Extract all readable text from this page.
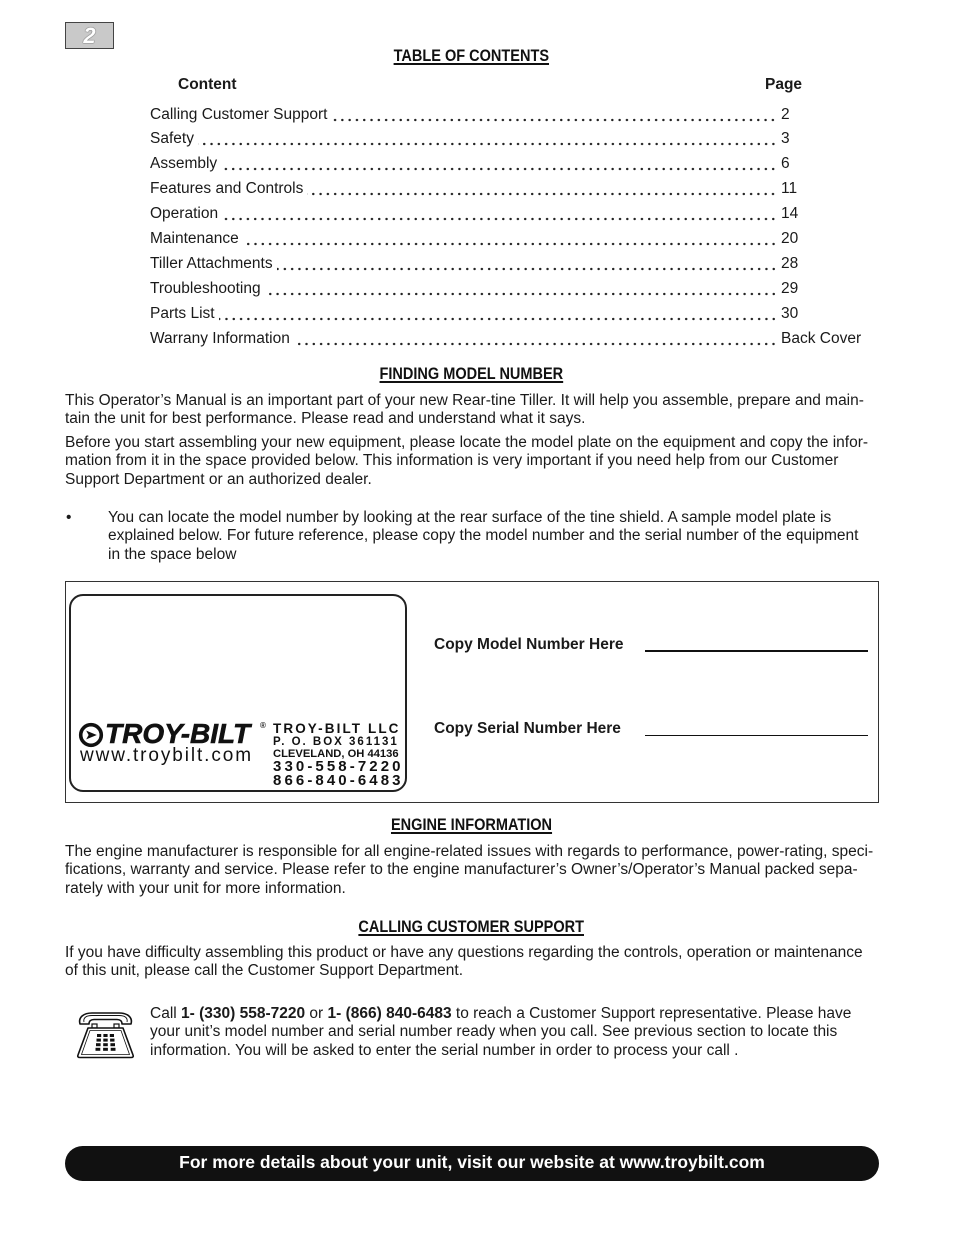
2
TABLE OF CONTENTS
Content	Page
Calling Customer Support	2
Safety	3
Assembly	6
Features and Controls	11
Operation	14
Maintenance	20
Tiller Attachments	28
Troubleshooting	29
Parts List	30
Warrany Information	Back Cover
FINDING MODEL NUMBER
This Operator’s Manual is an important part of your new Rear-tine Tiller. It will help you assemble, prepare and main-
tain the unit for best performance. Please read and understand what it says.
Before you start assembling your new equipment, please locate the model plate on the equipment and copy the infor-
mation from it in the space provided below. This information is very important if you need help from our Customer
Support Department or an authorized dealer.
• You can locate the model number by looking at the rear surface of the tine shield. A sample model plate is
explained below. For future reference, please copy the model number and the serial number of the equipment
in the space below
TROY-BILT ®
www.troybilt.com
TROY-BILT LLC
P. O. BOX 361131
CLEVELAND, OH 44136
330-558-7220
866-840-6483
Copy Model Number Here
Copy Serial Number Here
ENGINE INFORMATION
The engine manufacturer is responsible for all engine-related issues with regards to performance, power-rating, speci-
fications, warranty and service. Please refer to the engine manufacturer’s Owner’s/Operator’s Manual packed sepa-
rately with your unit for more information.
CALLING CUSTOMER SUPPORT
If you have difficulty assembling this product or have any questions regarding the controls, operation or maintenance
of this unit, please call the Customer Support Department.
Call 1- (330) 558-7220 or 1- (866) 840-6483 to reach a Customer Support representative. Please have
your unit’s model number and serial number ready when you call. See previous section to locate this
information. You will be asked to enter the serial number in order to process your call .
For more details about your unit, visit our website at www.troybilt.com
